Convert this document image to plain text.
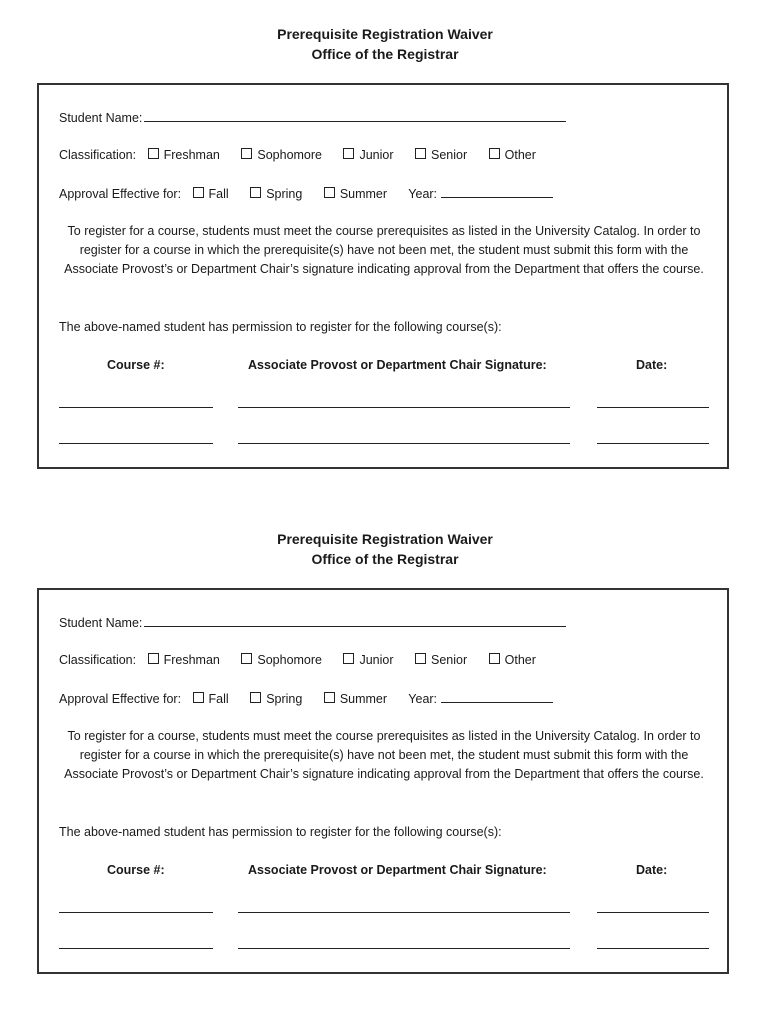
Prerequisite Registration Waiver
Office of the Registrar
Student Name:
Classification: Freshman	Sophomore	Junior	Senior	Other
Approval Effective for: Fall	Spring	Summer Year:
To register for a course, students must meet the course prerequisites as listed in the University Catalog. In order to register for a course in which the prerequisite(s) have not been met, the student must submit this form with the Associate Provost’s or Department Chair’s signature indicating approval from the Department that offers the course.
The above-named student has permission to register for the following course(s):
Course #:	Associate Provost or Department Chair Signature:	Date:
Prerequisite Registration Waiver
Office of the Registrar
Student Name:
Classification: Freshman	Sophomore	Junior	Senior	Other
Approval Effective for: Fall	Spring	Summer Year:
To register for a course, students must meet the course prerequisites as listed in the University Catalog. In order to register for a course in which the prerequisite(s) have not been met, the student must submit this form with the Associate Provost’s or Department Chair’s signature indicating approval from the Department that offers the course.
The above-named student has permission to register for the following course(s):
Course #:	Associate Provost or Department Chair Signature:	Date:
